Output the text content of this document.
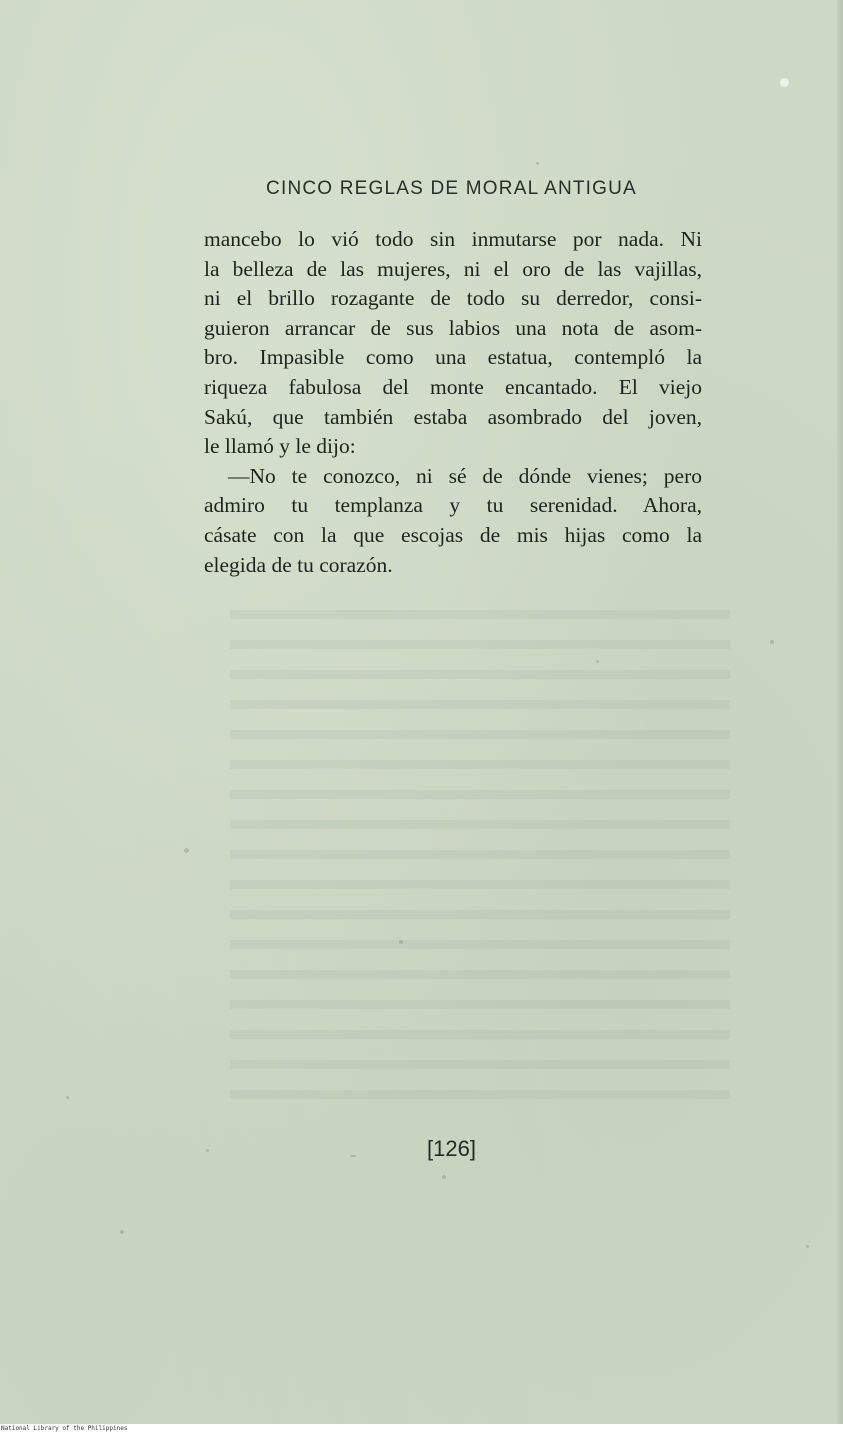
CINCO REGLAS DE MORAL ANTIGUA

mancebo lo vió todo sin inmutarse por nada. Ni
la belleza de las mujeres, ni el oro de las vajillas,
ni el brillo rozagante de todo su derredor, consi-
guieron arrancar de sus labios una nota de asom-
bro. Impasible como una estatua, contempló la
riqueza fabulosa del monte encantado. El viejo
Sakú, que también estaba asombrado del joven,
le llamó y le dijo:
—No te conozco, ni sé de dónde vienes; pero
admiro tu templanza y tu serenidad. Ahora,
cásate con la que escojas de mis hijas como la
elegida de tu corazón.

[126]

National Library of the Philippines
